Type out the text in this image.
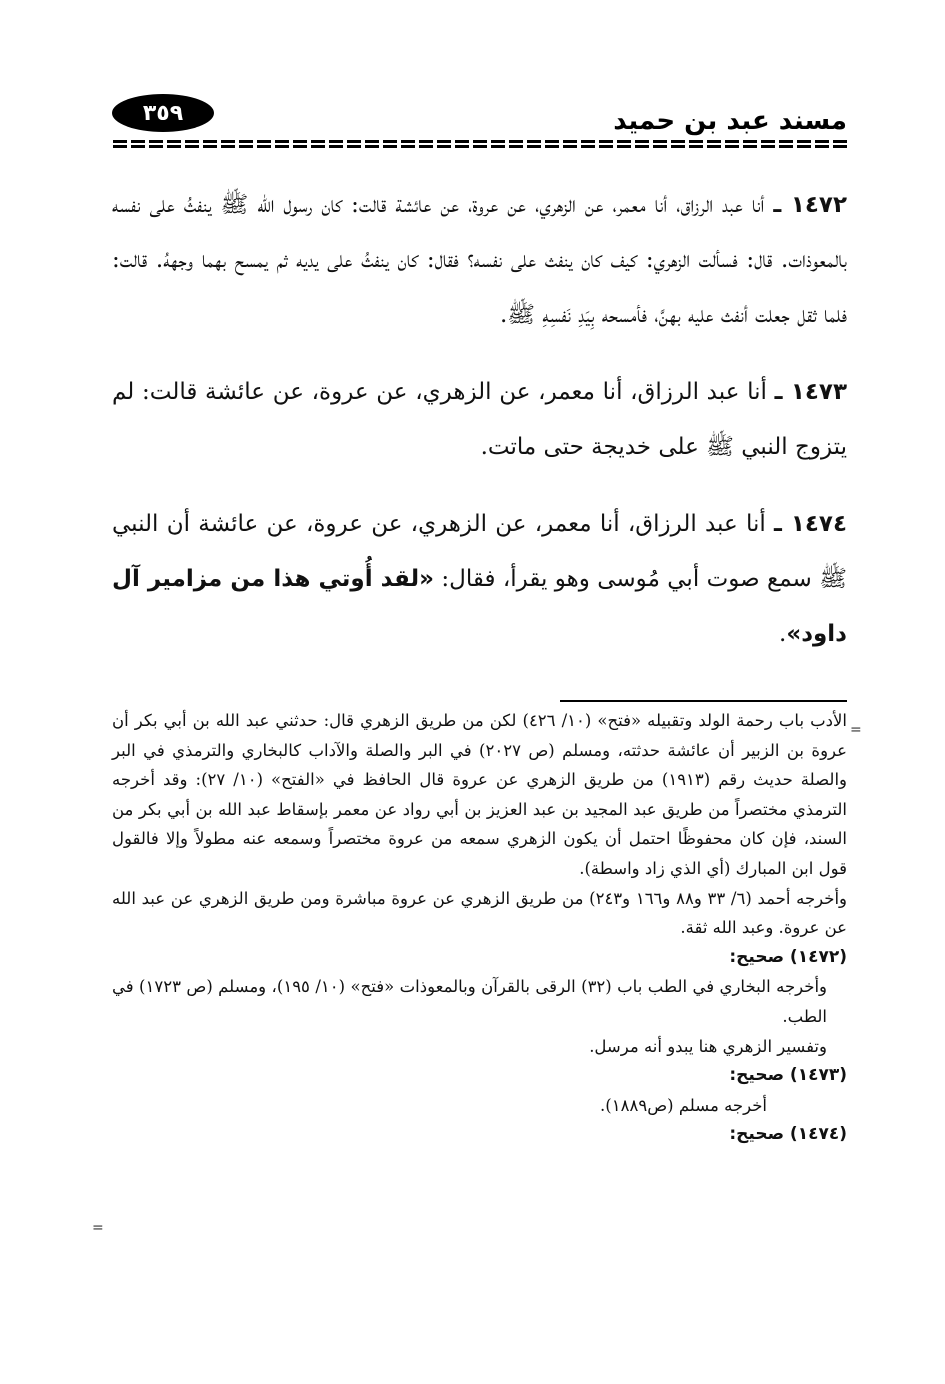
مسند عبد بن حميد
٣٥٩

١٤٧٢ ـ أنا عبد الرزاق، أنا معمر، عن الزهري، عن عروة، عن عائشة قالت: كان رسول اللّٰه ﷺ ينفثُ على نفسه بالمعوذات. قال: فسألت الزهري: كيف كان ينفث على نفسه؟ فقال: كان ينفثُ على يديه ثم يمسح بهما وجههُ. قالت: فلما ثقل جعلت أنفث عليه بهنَّ، فأمسحه بِيَدِ نَفسِهِ ﷺ.

١٤٧٣ ـ أنا عبد الرزاق، أنا معمر، عن الزهري، عن عروة، عن عائشة قالت: لم يتزوج النبي ﷺ على خديجة حتى ماتت.

١٤٧٤ ـ أنا عبد الرزاق، أنا معمر، عن الزهري، عن عروة، عن عائشة أن النبي ﷺ سمع صوت أبي مُوسى وهو يقرأ، فقال: «لقد أُوتي هذا من مزامير آل داود».

الأدب باب رحمة الولد وتقبيله «فتح» (١٠/ ٤٢٦) لكن من طريق الزهري قال: حدثني عبد الله بن أبي بكر أن عروة بن الزبير أن عائشة حدثته، ومسلم (ص ٢٠٢٧) في البر والصلة والآداب كالبخاري والترمذي في البر والصلة حديث رقم (١٩١٣) من طريق الزهري عن عروة قال الحافظ في «الفتح» (١٠/ ٢٧): وقد أخرجه الترمذي مختصراً من طريق عبد المجيد بن عبد العزيز بن أبي رواد عن معمر بإسقاط عبد الله بن أبي بكر من السند، فإن كان محفوظًا احتمل أن يكون الزهري سمعه من عروة مختصراً وسمعه عنه مطولاً وإلا فالقول قول ابن المبارك (أي الذي زاد واسطة).

وأخرجه أحمد (٦/ ٣٣ و٨٨ و١٦٦ و٢٤٣) من طريق الزهري عن عروة مباشرة ومن طريق الزهري عن عبد الله عن عروة. وعبد الله ثقة.

(١٤٧٢) صحيح:

وأخرجه البخاري في الطب باب (٣٢) الرقى بالقرآن وبالمعوذات «فتح» (١٠/ ١٩٥)، ومسلم (ص ١٧٢٣) في الطب.

وتفسير الزهري هنا يبدو أنه مرسل.

(١٤٧٣) صحيح:

أخرجه مسلم (ص١٨٨٩).

(١٤٧٤) صحيح:

=
=
